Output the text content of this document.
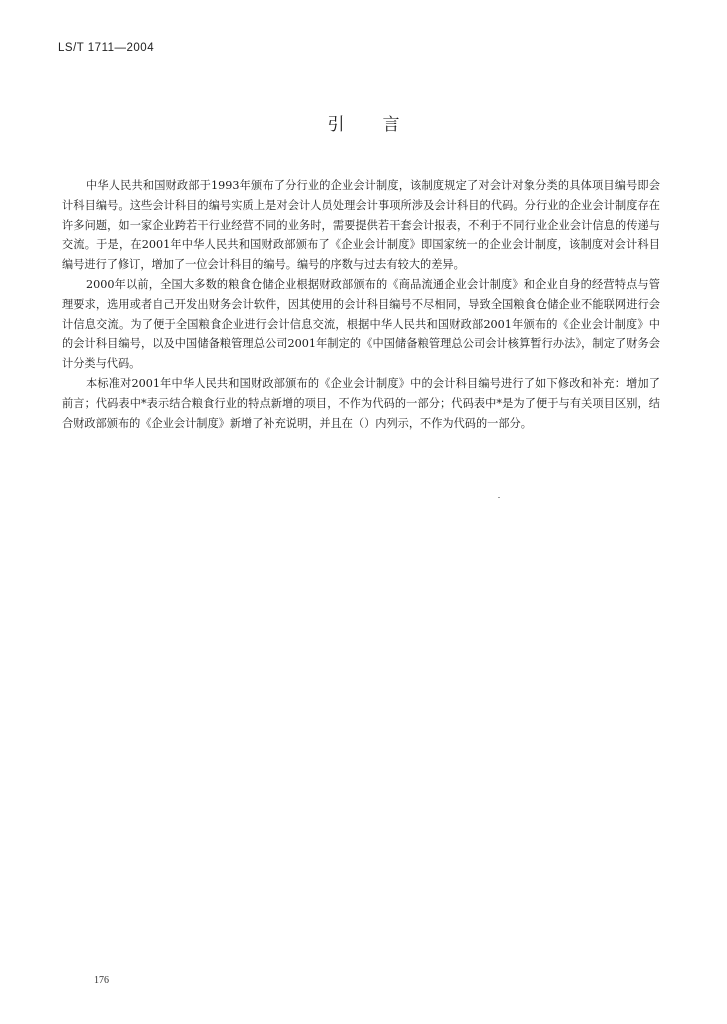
LS/T 1711—2004
引言

中华人民共和国财政部于1993年颁布了分行业的企业会计制度，该制度规定了对会计对象分类的具体项目编号即会计科目编号。这些会计科目的编号实质上是对会计人员处理会计事项所涉及会计科目的代码。分行业的企业会计制度存在许多问题，如一家企业跨若干行业经营不同的业务时，需要提供若干套会计报表，不利于不同行业企业会计信息的传递与交流。于是，在2001年中华人民共和国财政部颁布了《企业会计制度》即国家统一的企业会计制度，该制度对会计科目编号进行了修订，增加了一位会计科目的编号。编号的序数与过去有较大的差异。

2000年以前，全国大多数的粮食仓储企业根据财政部颁布的《商品流通企业会计制度》和企业自身的经营特点与管理要求，选用或者自己开发出财务会计软件，因其使用的会计科目编号不尽相同，导致全国粮食仓储企业不能联网进行会计信息交流。为了便于全国粮食企业进行会计信息交流，根据中华人民共和国财政部2001年颁布的《企业会计制度》中的会计科目编号，以及中国储备粮管理总公司2001年制定的《中国储备粮管理总公司会计核算暂行办法》，制定了财务会计分类与代码。

本标准对2001年中华人民共和国财政部颁布的《企业会计制度》中的会计科目编号进行了如下修改和补充：增加了前言；代码表中*表示结合粮食行业的特点新增的项目，不作为代码的一部分；代码表中*是为了便于与有关项目区别，结合财政部颁布的《企业会计制度》新增了补充说明，并且在（）内列示，不作为代码的一部分。

176
